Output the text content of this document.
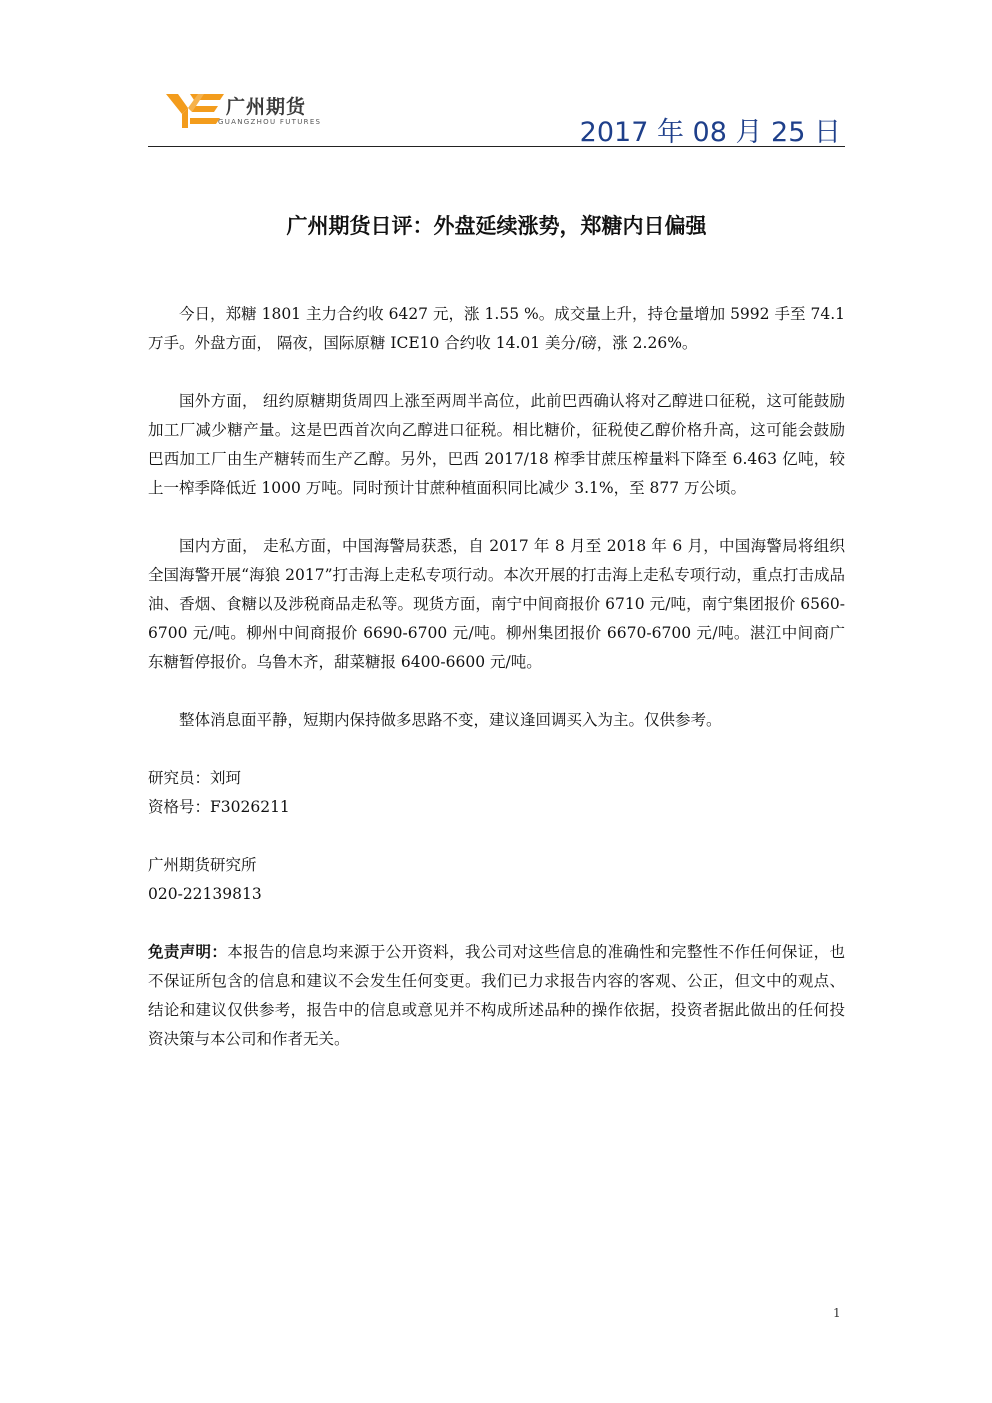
广州期货
GUANGZHOU FUTURES	2017 年 08 月 25 日
广州期货日评：外盘延续涨势，郑糖内日偏强

今日，郑糖 1801 主力合约收 6427 元，涨 1.55 %。成交量上升，持仓量增加 5992 手至 74.1 万手。外盘方面， 隔夜，国际原糖 ICE10 合约收 14.01 美分/磅，涨 2.26%。

国外方面， 纽约原糖期货周四上涨至两周半高位，此前巴西确认将对乙醇进口征税，这可能鼓励加工厂减少糖产量。这是巴西首次向乙醇进口征税。相比糖价，征税使乙醇价格升高，这可能会鼓励巴西加工厂由生产糖转而生产乙醇。另外，巴西 2017/18 榨季甘蔗压榨量料下降至 6.463 亿吨，较上一榨季降低近 1000 万吨。同时预计甘蔗种植面积同比减少 3.1%，至 877 万公顷。

国内方面， 走私方面，中国海警局获悉，自 2017 年 8 月至 2018 年 6 月，中国海警局将组织全国海警开展“海狼 2017”打击海上走私专项行动。本次开展的打击海上走私专项行动，重点打击成品油、香烟、食糖以及涉税商品走私等。现货方面，南宁中间商报价 6710 元/吨，南宁集团报价 6560-6700 元/吨。柳州中间商报价 6690-6700 元/吨。柳州集团报价 6670-6700 元/吨。湛江中间商广东糖暂停报价。乌鲁木齐，甜菜糖报 6400-6600 元/吨。

整体消息面平静，短期内保持做多思路不变，建议逢回调买入为主。仅供参考。

研究员：刘珂

资格号：F3026211

广州期货研究所

020-22139813

免责声明：本报告的信息均来源于公开资料，我公司对这些信息的准确性和完整性不作任何保证，也不保证所包含的信息和建议不会发生任何变更。我们已力求报告内容的客观、公正，但文中的观点、结论和建议仅供参考，报告中的信息或意见并不构成所述品种的操作依据，投资者据此做出的任何投资决策与本公司和作者无关。

1
